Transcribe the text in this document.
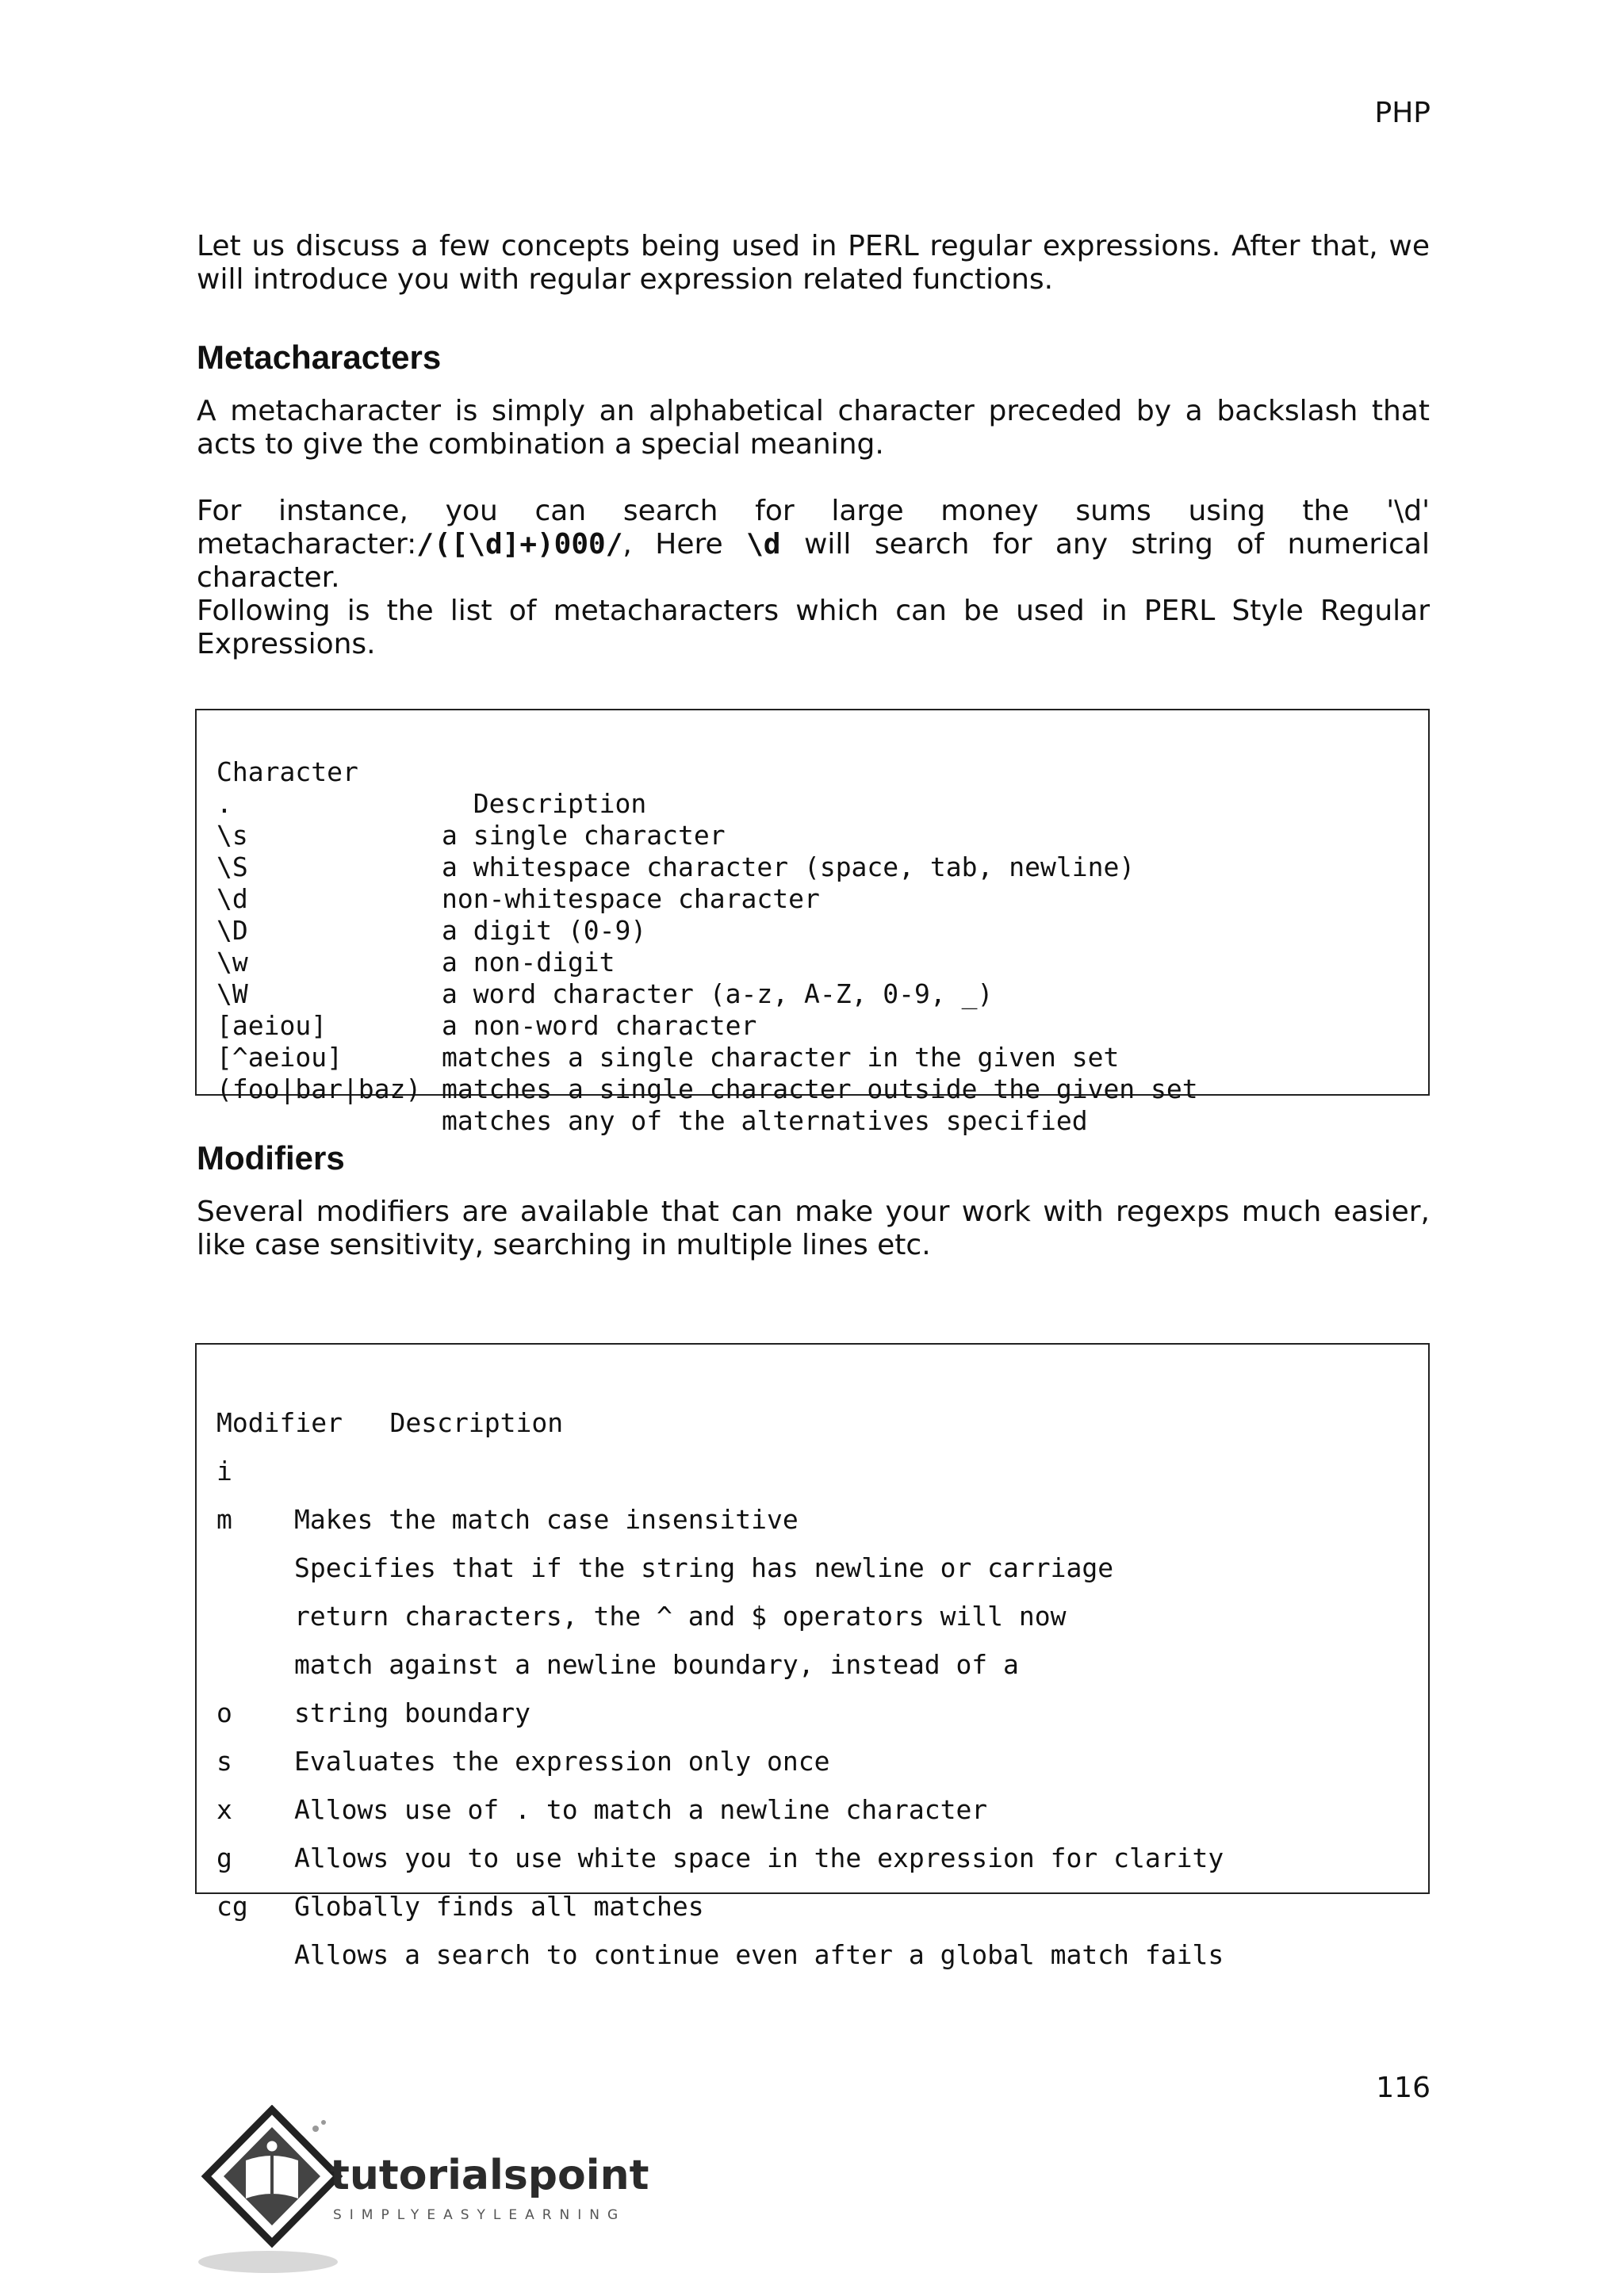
PHP
Let us discuss a few concepts being used in PERL regular expressions. After that, we will introduce you with regular expression related functions.
Metacharacters
A metacharacter is simply an alphabetical character preceded by a backslash that acts to give the combination a special meaning.
For instance, you can search for large money sums using the '\d' metacharacter:/([\d]+)000/, Here \d will search for any string of numerical character.
Following is the list of metacharacters which can be used in PERL Style Regular Expressions.

Character

Description

.

a single character

\s

a whitespace character (space, tab, newline)

\S

non-whitespace character

\d

a digit (0-9)

\D

a non-digit

\w

a word character (a-z, A-Z, 0-9, _)

\W

a non-word character

[aeiou]

matches a single character in the given set

[^aeiou]

matches a single character outside the given set

(foo|bar|baz)

matches any of the alternatives specified

Modifiers
Several modifiers are available that can make your work with regexps much easier, like case sensitivity, searching in multiple lines etc.

Modifier   Description

i

Makes the match case insensitive

m

Specifies that if the string has newline or carriage

return characters, the ^ and $ operators will now

match against a newline boundary, instead of a

string boundary

o

Evaluates the expression only once

s

Allows use of . to match a newline character

x

Allows you to use white space in the expression for clarity

g

Globally finds all matches

cg

Allows a search to continue even after a global match fails

116
tutorialspoint
SIMPLYEASYLEARNING
